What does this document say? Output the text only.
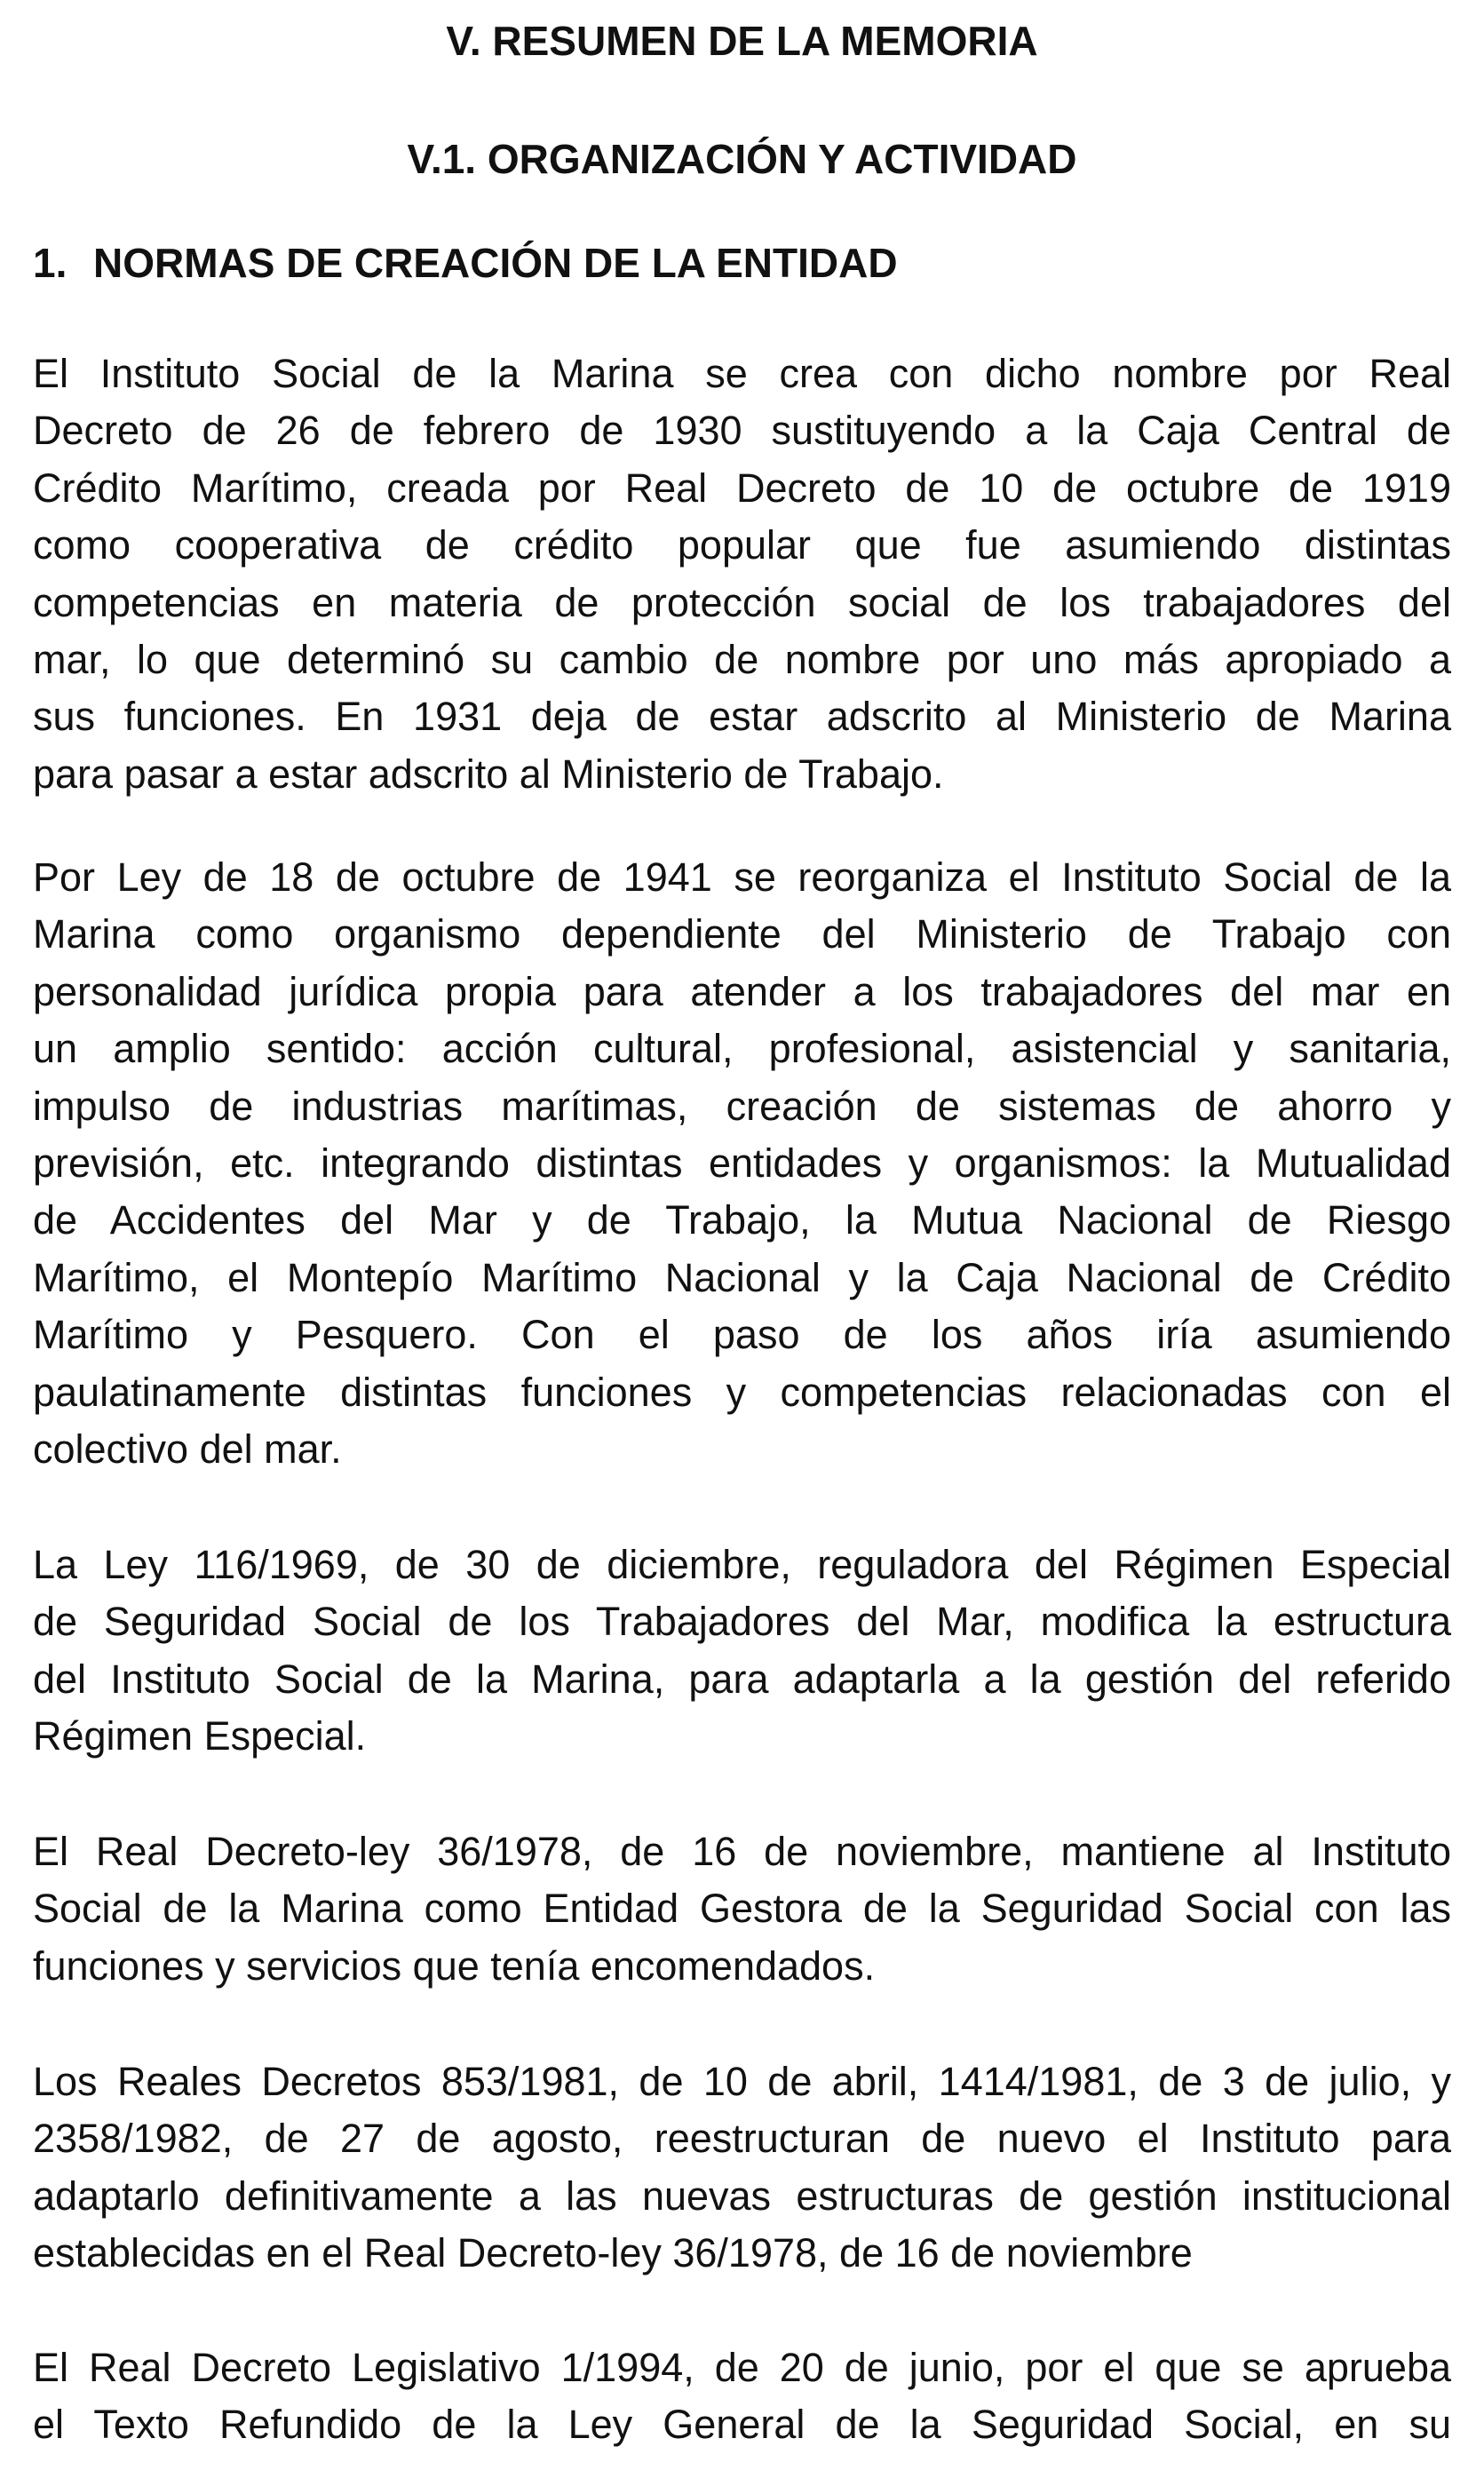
V. RESUMEN DE LA MEMORIA
V.1. ORGANIZACIÓN Y ACTIVIDAD
1. NORMAS DE CREACIÓN DE LA ENTIDAD

El Instituto Social de la Marina se crea con dicho nombre por Real
Decreto de 26 de febrero de 1930 sustituyendo a la Caja Central de
Crédito Marítimo, creada por Real Decreto de 10 de octubre de 1919
como cooperativa de crédito popular que fue asumiendo distintas
competencias en materia de protección social de los trabajadores del
mar, lo que determinó su cambio de nombre por uno más apropiado a
sus funciones. En 1931 deja de estar adscrito al Ministerio de Marina
para pasar a estar adscrito al Ministerio de Trabajo.

Por Ley de 18 de octubre de 1941 se reorganiza el Instituto Social de la
Marina como organismo dependiente del Ministerio de Trabajo con
personalidad jurídica propia para atender a los trabajadores del mar en
un amplio sentido: acción cultural, profesional, asistencial y sanitaria,
impulso de industrias marítimas, creación de sistemas de ahorro y
previsión, etc. integrando distintas entidades y organismos: la Mutualidad
de Accidentes del Mar y de Trabajo, la Mutua Nacional de Riesgo
Marítimo, el Montepío Marítimo Nacional y la Caja Nacional de Crédito
Marítimo y Pesquero. Con el paso de los años iría asumiendo
paulatinamente distintas funciones y competencias relacionadas con el
colectivo del mar.

La Ley 116/1969, de 30 de diciembre, reguladora del Régimen Especial
de Seguridad Social de los Trabajadores del Mar, modifica la estructura
del Instituto Social de la Marina, para adaptarla a la gestión del referido
Régimen Especial.

El Real Decreto-ley 36/1978, de 16 de noviembre, mantiene al Instituto
Social de la Marina como Entidad Gestora de la Seguridad Social con las
funciones y servicios que tenía encomendados.

Los Reales Decretos 853/1981, de 10 de abril, 1414/1981, de 3 de julio, y
2358/1982, de 27 de agosto, reestructuran de nuevo el Instituto para
adaptarlo definitivamente a las nuevas estructuras de gestión institucional
establecidas en el Real Decreto-ley 36/1978, de 16 de noviembre

El Real Decreto Legislativo 1/1994, de 20 de junio, por el que se aprueba
el Texto Refundido de la Ley General de la Seguridad Social, en su
